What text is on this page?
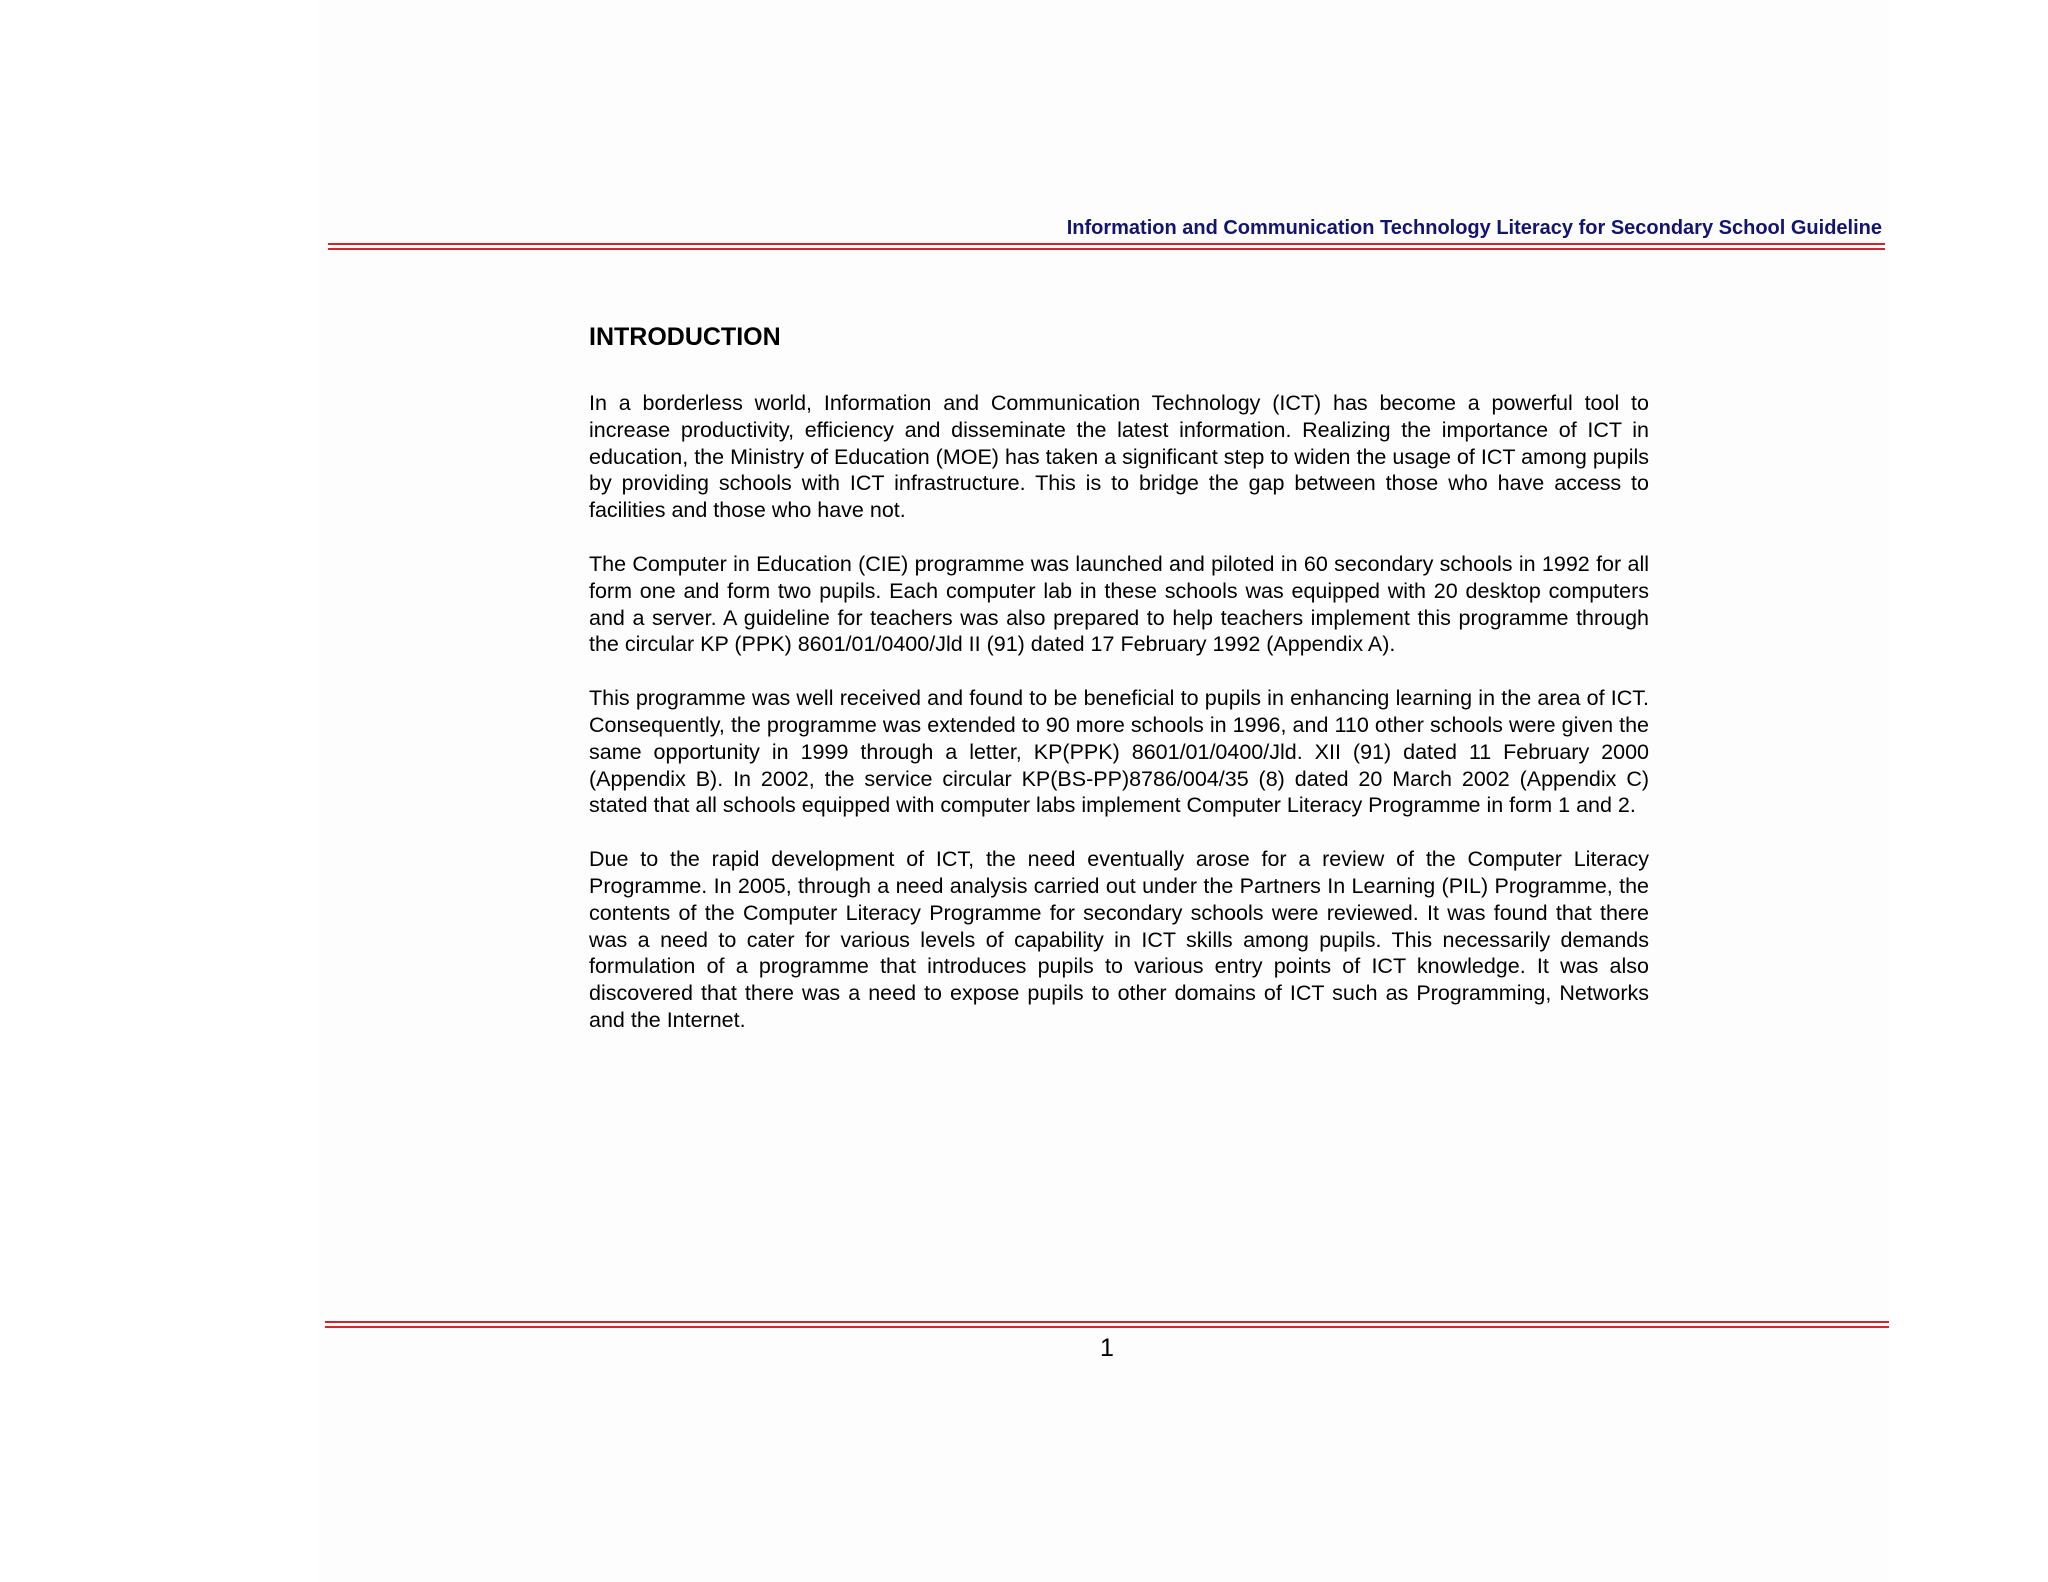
Information and Communication Technology Literacy for Secondary School Guideline
INTRODUCTION

In a borderless world, Information and Communication Technology (ICT) has become a powerful tool to increase productivity, efficiency and disseminate the latest information. Realizing the importance of ICT in education, the Ministry of Education (MOE) has taken a significant step to widen the usage of ICT among pupils by providing schools with ICT infrastructure. This is to bridge the gap between those who have access to facilities and those who have not.

The Computer in Education (CIE) programme was launched and piloted in 60 secondary schools in 1992 for all form one and form two pupils. Each computer lab in these schools was equipped with 20 desktop computers and a server. A guideline for teachers was also prepared to help teachers implement this programme through the circular KP (PPK) 8601/01/0400/Jld II (91) dated 17 February 1992 (Appendix A).

This programme was well received and found to be beneficial to pupils in enhancing learning in the area of ICT. Consequently, the programme was extended to 90 more schools in 1996, and 110 other schools were given the same opportunity in 1999 through a letter, KP(PPK) 8601/01/0400/Jld. XII (91) dated 11 February 2000 (Appendix B). In 2002, the service circular KP(BS-PP)8786/004/35 (8) dated 20 March 2002 (Appendix C) stated that all schools equipped with computer labs implement Computer Literacy Programme in form 1 and 2.

Due to the rapid development of ICT, the need eventually arose for a review of the Computer Literacy Programme. In 2005, through a need analysis carried out under the Partners In Learning (PIL) Programme, the contents of the Computer Literacy Programme for secondary schools were reviewed. It was found that there was a need to cater for various levels of capability in ICT skills among pupils. This necessarily demands formulation of a programme that introduces pupils to various entry points of ICT knowledge. It was also discovered that there was a need to expose pupils to other domains of ICT such as Programming, Networks and the Internet.

1
